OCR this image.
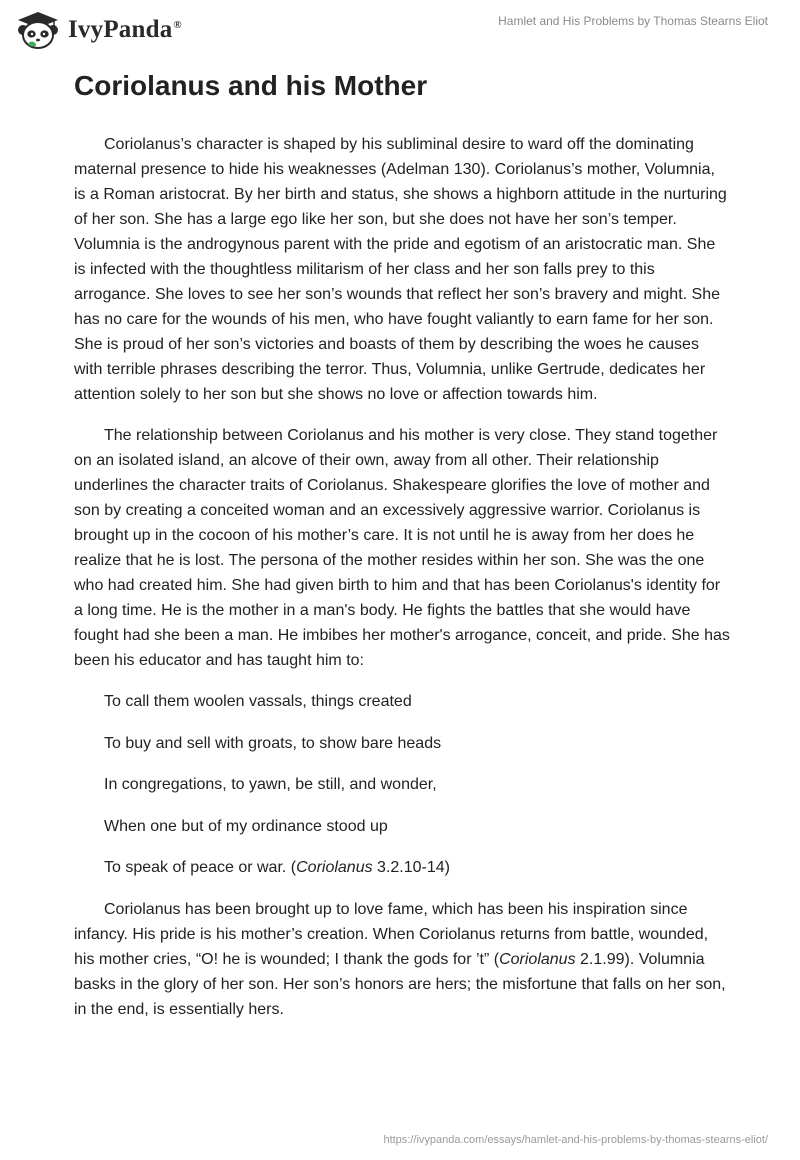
IvyPanda®	Hamlet and His Problems by Thomas Stearns Eliot
Coriolanus and his Mother

Coriolanus’s character is shaped by his subliminal desire to ward off the dominating maternal presence to hide his weaknesses (Adelman 130). Coriolanus’s mother, Volumnia, is a Roman aristocrat. By her birth and status, she shows a highborn attitude in the nurturing of her son. She has a large ego like her son, but she does not have her son’s temper. Volumnia is the androgynous parent with the pride and egotism of an aristocratic man. She is infected with the thoughtless militarism of her class and her son falls prey to this arrogance. She loves to see her son’s wounds that reflect her son’s bravery and might. She has no care for the wounds of his men, who have fought valiantly to earn fame for her son. She is proud of her son’s victories and boasts of them by describing the woes he causes with terrible phrases describing the terror. Thus, Volumnia, unlike Gertrude, dedicates her attention solely to her son but she shows no love or affection towards him.

The relationship between Coriolanus and his mother is very close. They stand together on an isolated island, an alcove of their own, away from all other. Their relationship underlines the character traits of Coriolanus. Shakespeare glorifies the love of mother and son by creating a conceited woman and an excessively aggressive warrior. Coriolanus is brought up in the cocoon of his mother’s care. It is not until he is away from her does he realize that he is lost. The persona of the mother resides within her son. She was the one who had created him. She had given birth to him and that has been Coriolanus's identity for a long time. He is the mother in a man's body. He fights the battles that she would have fought had she been a man. He imbibes her mother's arrogance, conceit, and pride. She has been his educator and has taught him to:

To call them woolen vassals, things created

To buy and sell with groats, to show bare heads

In congregations, to yawn, be still, and wonder,

When one but of my ordinance stood up

To speak of peace or war. (Coriolanus 3.2.10-14)

Coriolanus has been brought up to love fame, which has been his inspiration since infancy. His pride is his mother’s creation. When Coriolanus returns from battle, wounded, his mother cries, “O! he is wounded; I thank the gods for ’t” (Coriolanus 2.1.99). Volumnia basks in the glory of her son. Her son’s honors are hers; the misfortune that falls on her son, in the end, is essentially hers.

https://ivypanda.com/essays/hamlet-and-his-problems-by-thomas-stearns-eliot/
